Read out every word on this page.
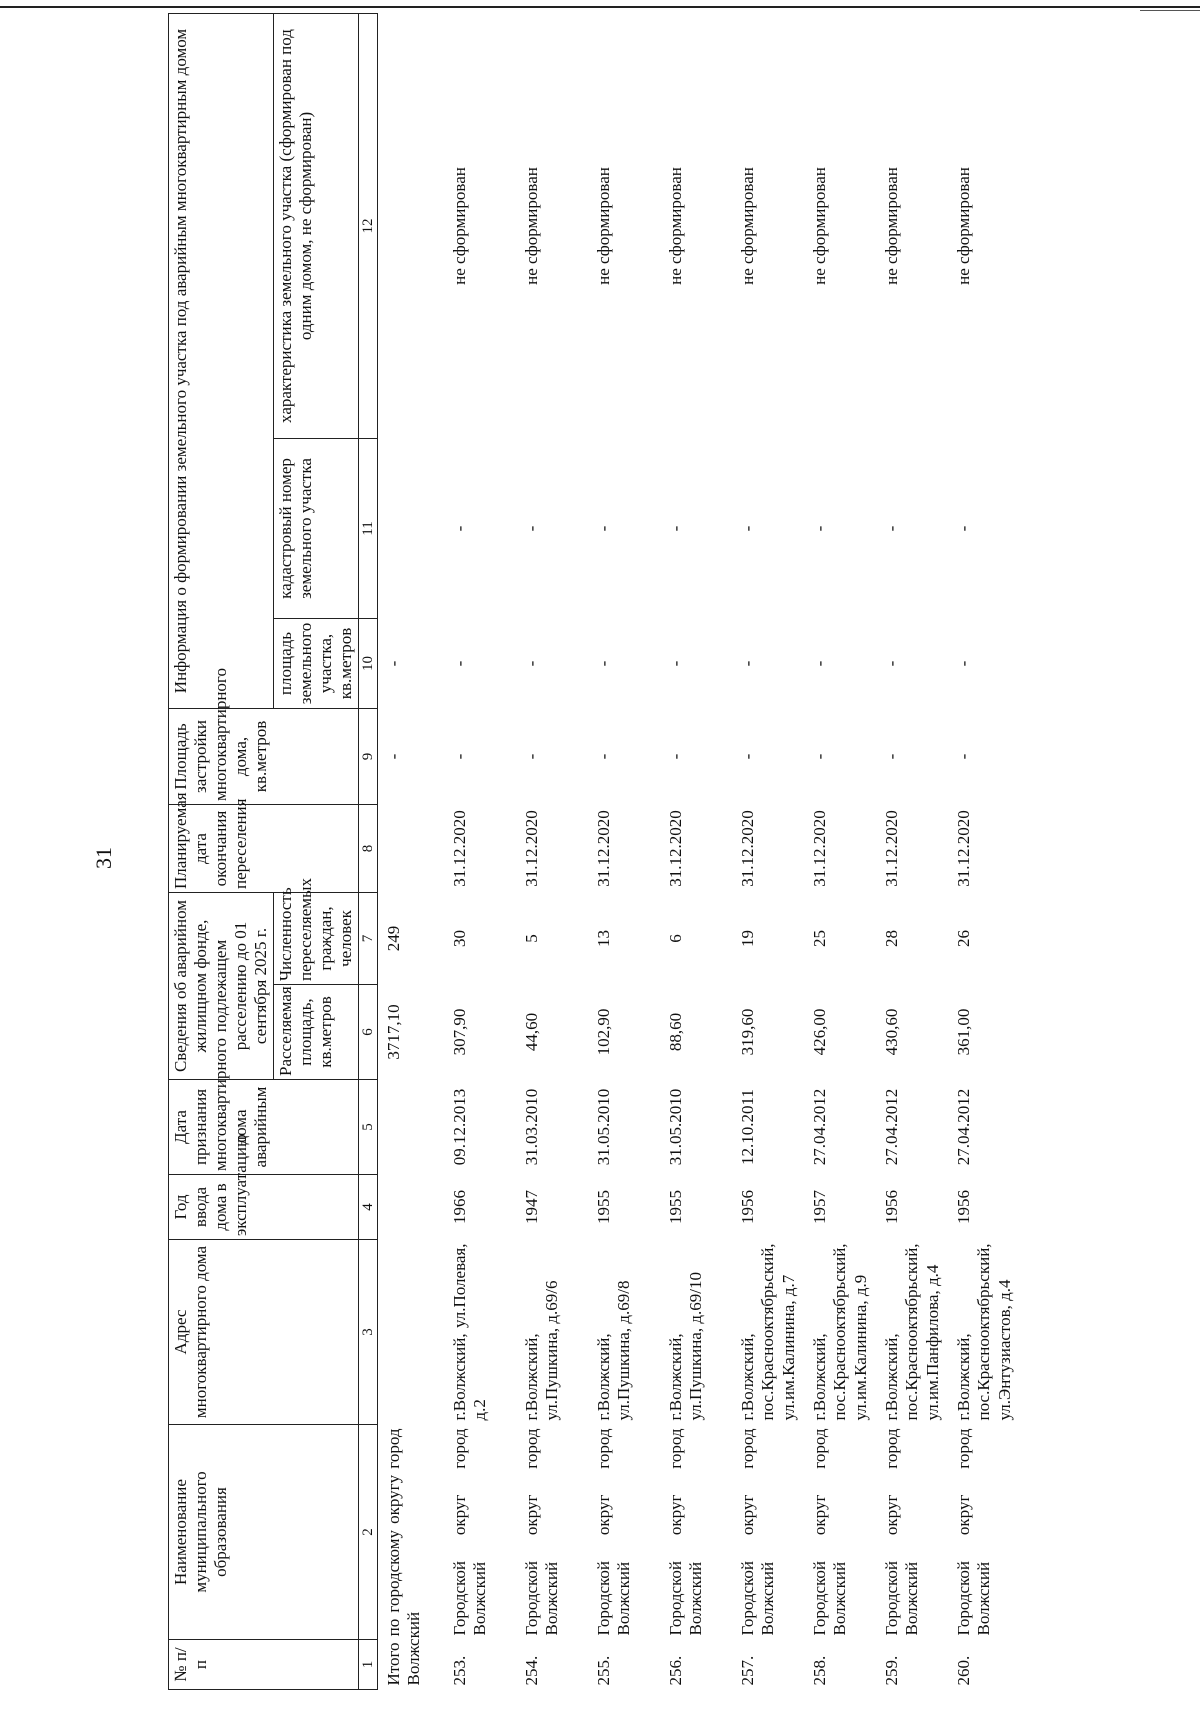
31
№ п/п	Наименование муниципального образования	Адрес многоквартирного дома	Год ввода дома в эксплуатацию	Дата признания многоквартирного дома аварийным	Сведения об аварийном жилищном фонде, подлежащем расселению до 01 сентября 2025 г.		Планируемая дата окончания переселения	Площадь застройки многоквартирного дома, кв.метров	Информация о формировании земельного участка под аварийным многоквартирным домом		
					Расселяемая площадь, кв.метров	Численность переселяемых граждан, человек			площадь земельного участка, кв.метров	кадастровый номер земельного участка	характеристика земельного участка (сформирован под одним домом, не сформирован)
1	2	3	4	5	6	7	8	9	10	11	12
Итого по городскому округу город Волжский					3717,10	249		-	-		
253.	Городской округ город Волжский	г.Волжский, ул.Полевая, д.2	1966	09.12.2013	307,90	30	31.12.2020	-	-	-	не сформирован
254.	Городской округ город Волжский	г.Волжский, ул.Пушкина, д.69/6	1947	31.03.2010	44,60	5	31.12.2020	-	-	-	не сформирован
255.	Городской округ город Волжский	г.Волжский, ул.Пушкина, д.69/8	1955	31.05.2010	102,90	13	31.12.2020	-	-	-	не сформирован
256.	Городской округ город Волжский	г.Волжский, ул.Пушкина, д.69/10	1955	31.05.2010	88,60	6	31.12.2020	-	-	-	не сформирован
257.	Городской округ город Волжский	г.Волжский, пос.Краснооктябрьский, ул.им.Калинина, д.7	1956	12.10.2011	319,60	19	31.12.2020	-	-	-	не сформирован
258.	Городской округ город Волжский	г.Волжский, пос.Краснооктябрьский, ул.им.Калинина, д.9	1957	27.04.2012	426,00	25	31.12.2020	-	-	-	не сформирован
259.	Городской округ город Волжский	г.Волжский, пос.Краснооктябрьский, ул.им.Панфилова, д.4	1956	27.04.2012	430,60	28	31.12.2020	-	-	-	не сформирован
260.	Городской округ город Волжский	г.Волжский, пос.Краснооктябрьский, ул.Энтузиастов, д.4	1956	27.04.2012	361,00	26	31.12.2020	-	-	-	не сформирован
